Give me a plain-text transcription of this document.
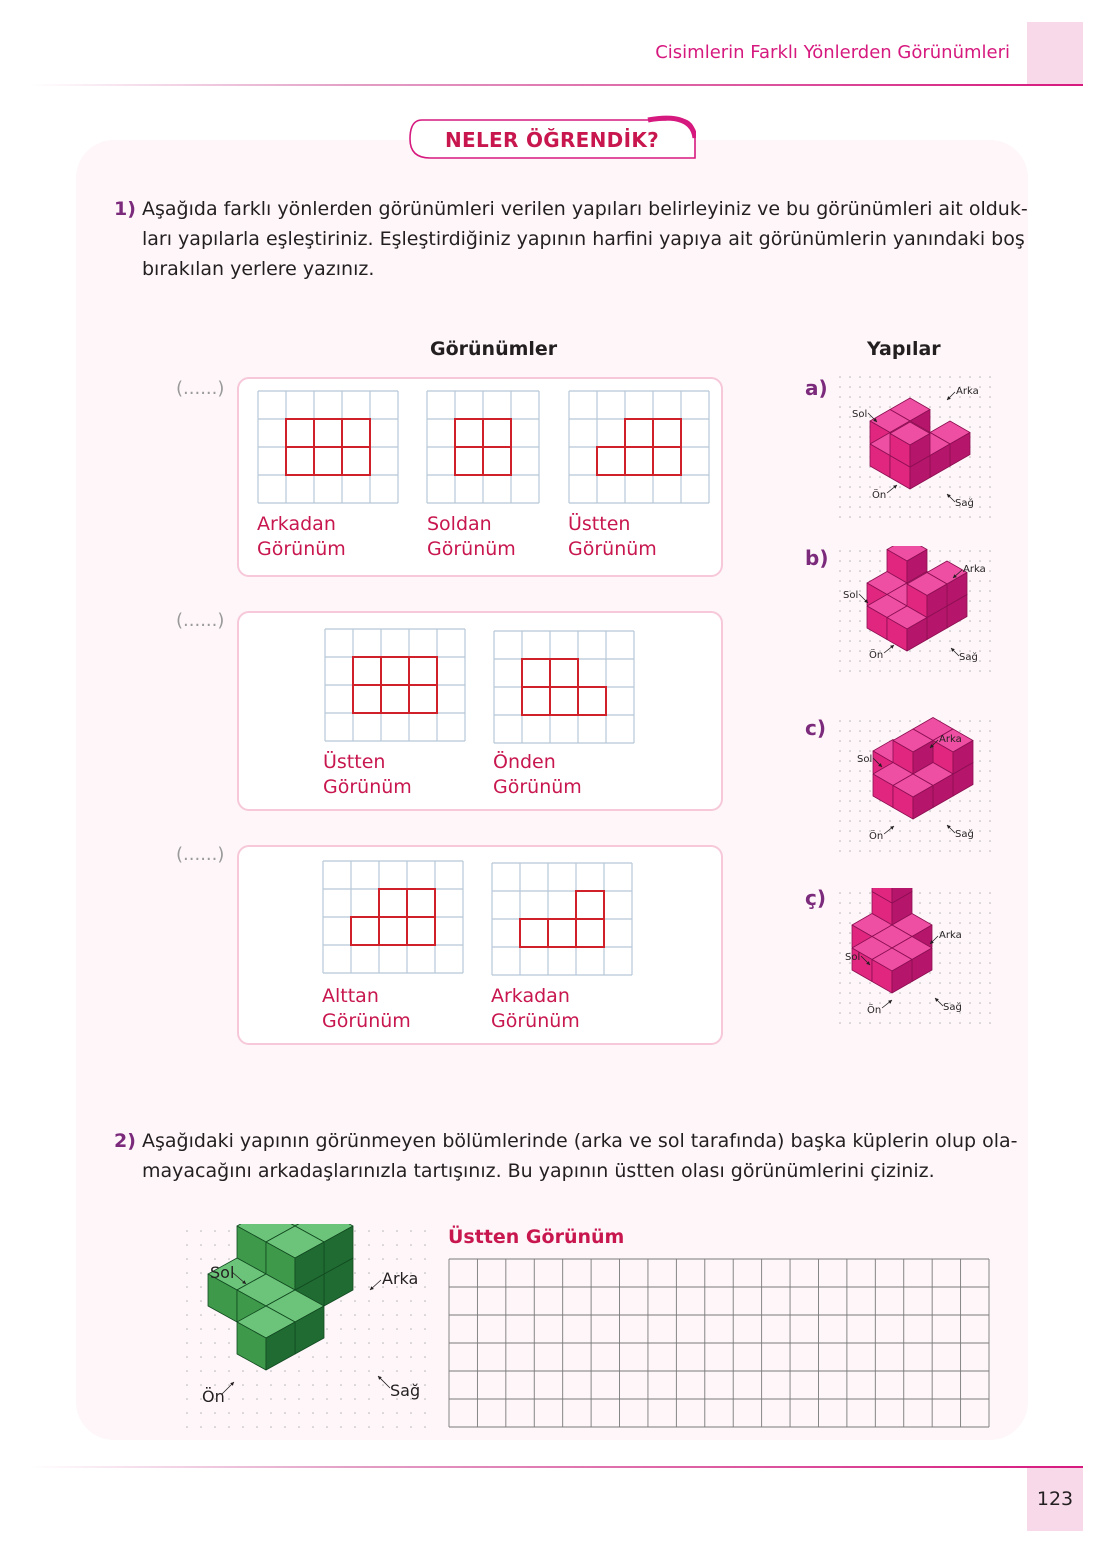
Cisimlerin Farklı Yönlerden Görünümleri
NELER ÖĞRENDİK?
1) Aşağıda farklı yönlerden görünümleri verilen yapıları belirleyiniz ve bu görünümleri ait olduk-
ları yapılarla eşleştiriniz. Eşleştirdiğiniz yapının harfini yapıya ait görünümlerin yanındaki boş
bırakılan yerlere yazınız.
Görünümler	Yapılar
(......)
Arkadan
Görünüm
Soldan
Görünüm
Üstten
Görünüm
(......)
Üstten
Görünüm
Önden
Görünüm
(......)
Alttan
Görünüm
Arkadan
Görünüm
a)
b)
c)
ç)
Sol
Arka
Ön
Sağ
Sol
Arka
Ön	Sağ
Sol
Arka
Ön	Sağ
Sol
Arka
Ön	Sağ
2) Aşağıdaki yapının görünmeyen bölümlerinde (arka ve sol tarafında) başka küplerin olup ola-
mayacağını arkadaşlarınızla tartışınız. Bu yapının üstten olası görünümlerini çiziniz.
Sol	Arka
Ön	Sağ
Üstten Görünüm
123
